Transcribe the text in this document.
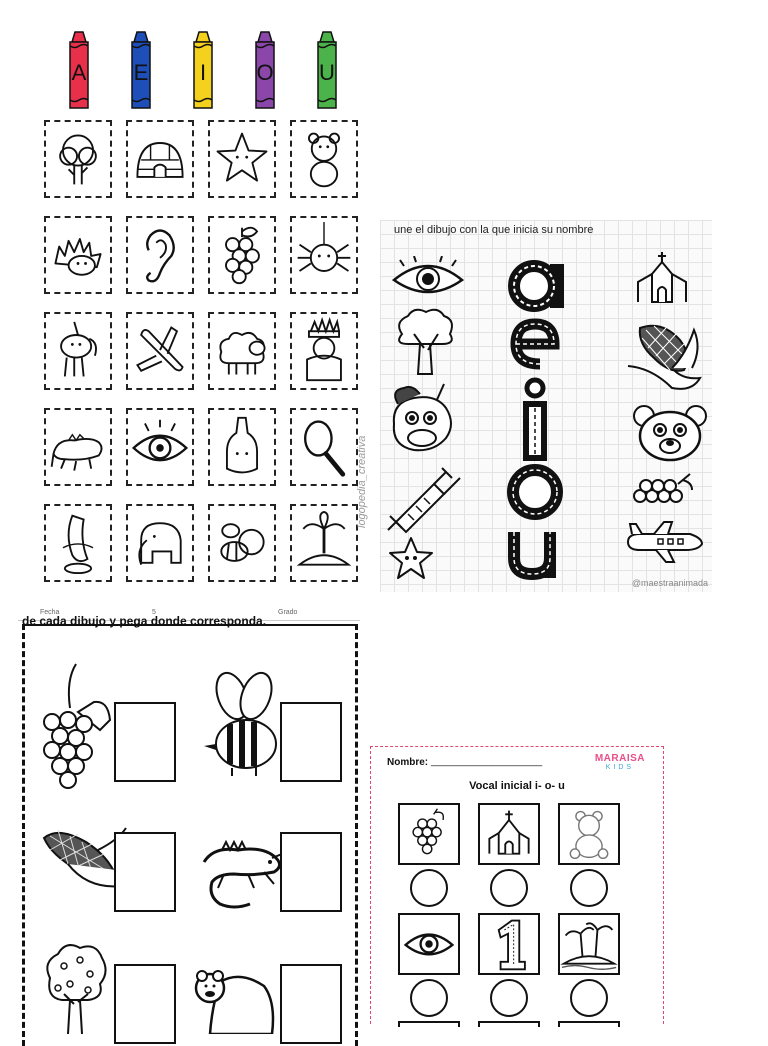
A E	I	O U
logopedia_creativa
une el dibujo con la que inicia su nombre
@maestraanimada
Fecha	5	Grado
de cada dibujo y pega donde corresponda.
Nombre: ____________________	MARAISA
KIDS
Vocal inicial i- o- u
